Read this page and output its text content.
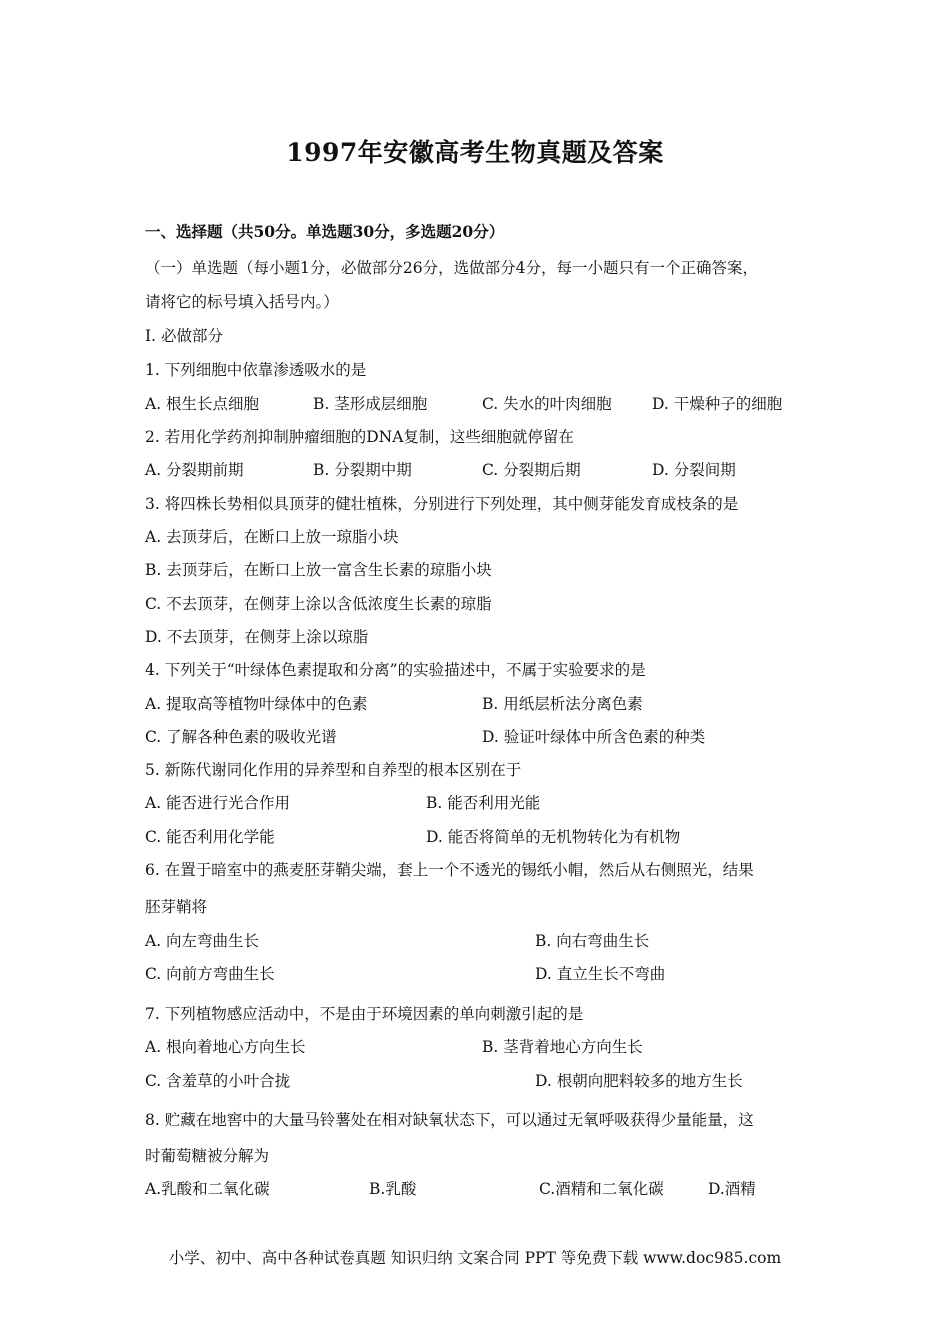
1997年安徽高考生物真题及答案
一、选择题（共50分。单选题30分，多选题20分）
（一）单选题（每小题1分，必做部分26分，选做部分4分，每一小题只有一个正确答案，
请将它的标号填入括号内。）
I. 必做部分
1. 下列细胞中依靠渗透吸水的是
A. 根生长点细胞	B. 茎形成层细胞	C. 失水的叶肉细胞	D. 干燥种子的细胞
2. 若用化学药剂抑制肿瘤细胞的DNA复制，这些细胞就停留在
A. 分裂期前期	B. 分裂期中期	C. 分裂期后期	D. 分裂间期
3. 将四株长势相似具顶芽的健壮植株，分别进行下列处理，其中侧芽能发育成枝条的是
A. 去顶芽后，在断口上放一琼脂小块
B. 去顶芽后，在断口上放一富含生长素的琼脂小块
C. 不去顶芽，在侧芽上涂以含低浓度生长素的琼脂
D. 不去顶芽，在侧芽上涂以琼脂
4. 下列关于“叶绿体色素提取和分离”的实验描述中，不属于实验要求的是
A. 提取高等植物叶绿体中的色素	B. 用纸层析法分离色素
C. 了解各种色素的吸收光谱	D. 验证叶绿体中所含色素的种类
5. 新陈代谢同化作用的异养型和自养型的根本区别在于
A. 能否进行光合作用	B. 能否利用光能
C. 能否利用化学能	D. 能否将简单的无机物转化为有机物
6. 在置于暗室中的燕麦胚芽鞘尖端，套上一个不透光的锡纸小帽，然后从右侧照光，结果
胚芽鞘将
A. 向左弯曲生长	B. 向右弯曲生长
C. 向前方弯曲生长	D. 直立生长不弯曲
7. 下列植物感应活动中，不是由于环境因素的单向刺激引起的是
A. 根向着地心方向生长	B. 茎背着地心方向生长
C. 含羞草的小叶合拢	D. 根朝向肥料较多的地方生长
8. 贮藏在地窖中的大量马铃薯处在相对缺氧状态下，可以通过无氧呼吸获得少量能量，这
时葡萄糖被分解为
A.乳酸和二氧化碳	B.乳酸	C.酒精和二氧化碳	D.酒精
小学、初中、高中各种试卷真题 知识归纳 文案合同 PPT 等免费下载 www.doc985.com
